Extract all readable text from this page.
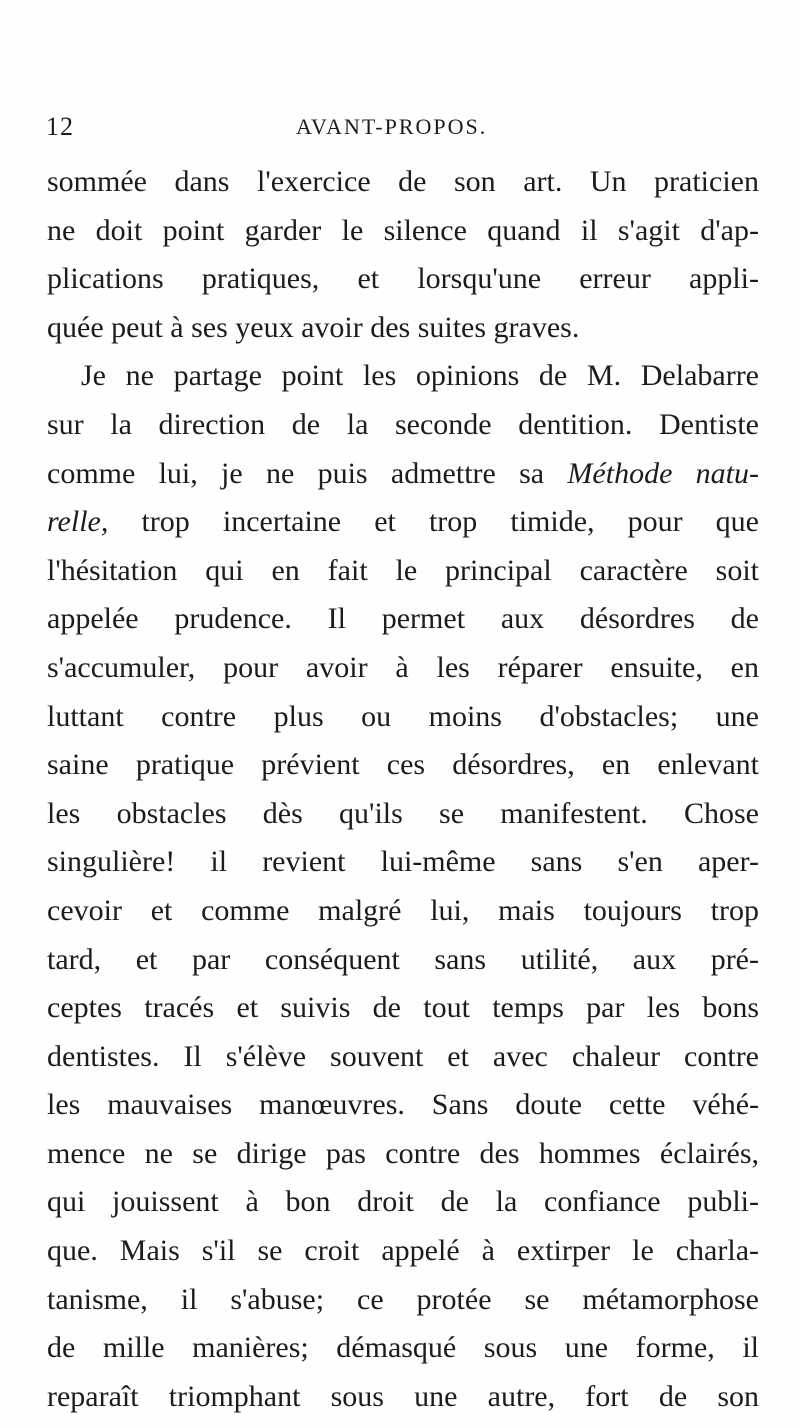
12	AVANT-PROPOS.
sommée dans l'exercice de son art. Un praticien
ne doit point garder le silence quand il s'agit d'ap-
plications pratiques, et lorsqu'une erreur appli-
quée peut à ses yeux avoir des suites graves.
Je ne partage point les opinions de M. Delabarre
sur la direction de la seconde dentition. Dentiste
comme lui, je ne puis admettre sa Méthode natu-
relle, trop incertaine et trop timide, pour que
l'hésitation qui en fait le principal caractère soit
appelée prudence. Il permet aux désordres de
s'accumuler, pour avoir à les réparer ensuite, en
luttant contre plus ou moins d'obstacles; une
saine pratique prévient ces désordres, en enlevant
les obstacles dès qu'ils se manifestent. Chose
singulière! il revient lui-même sans s'en aper-
cevoir et comme malgré lui, mais toujours trop
tard, et par conséquent sans utilité, aux pré-
ceptes tracés et suivis de tout temps par les bons
dentistes. Il s'élève souvent et avec chaleur contre
les mauvaises manœuvres. Sans doute cette véhé-
mence ne se dirige pas contre des hommes éclairés,
qui jouissent à bon droit de la confiance publi-
que. Mais s'il se croit appelé à extirper le charla-
tanisme, il s'abuse; ce protée se métamorphose
de mille manières; démasqué sous une forme, il
reparaît triomphant sous une autre, fort de son
